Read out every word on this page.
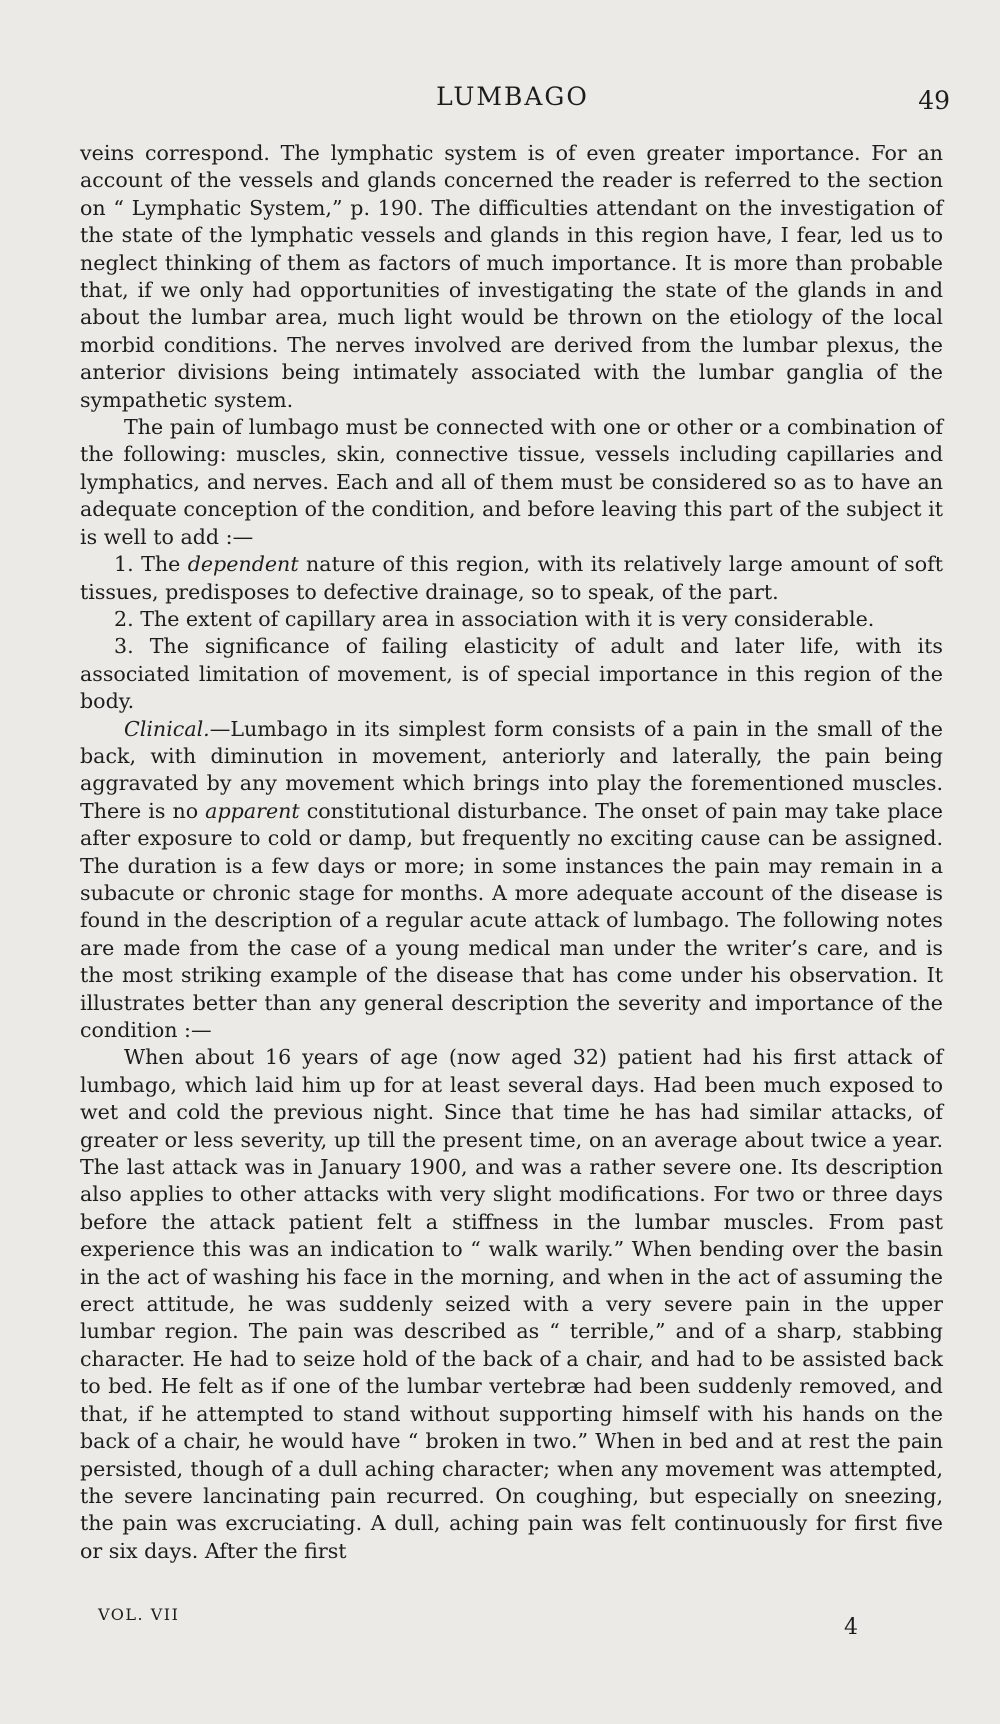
LUMBAGO	49

veins correspond. The lymphatic system is of even greater importance. For an account of the vessels and glands concerned the reader is referred to the section on “ Lymphatic System,” p. 190. The difficulties attendant on the investigation of the state of the lymphatic vessels and glands in this region have, I fear, led us to neglect thinking of them as factors of much importance. It is more than probable that, if we only had opportunities of investigating the state of the glands in and about the lumbar area, much light would be thrown on the etiology of the local morbid conditions. The nerves involved are derived from the lumbar plexus, the anterior divisions being intimately associated with the lumbar ganglia of the sympathetic system.

The pain of lumbago must be connected with one or other or a combination of the following: muscles, skin, connective tissue, vessels including capillaries and lymphatics, and nerves. Each and all of them must be considered so as to have an adequate conception of the condition, and before leaving this part of the subject it is well to add :—

1. The dependent nature of this region, with its relatively large amount of soft tissues, predisposes to defective drainage, so to speak, of the part.

2. The extent of capillary area in association with it is very considerable.

3. The significance of failing elasticity of adult and later life, with its associated limitation of movement, is of special importance in this region of the body.

Clinical.—Lumbago in its simplest form consists of a pain in the small of the back, with diminution in movement, anteriorly and laterally, the pain being aggravated by any movement which brings into play the forementioned muscles. There is no apparent constitutional disturbance. The onset of pain may take place after exposure to cold or damp, but frequently no exciting cause can be assigned. The duration is a few days or more; in some instances the pain may remain in a subacute or chronic stage for months. A more adequate account of the disease is found in the description of a regular acute attack of lumbago. The following notes are made from the case of a young medical man under the writer’s care, and is the most striking example of the disease that has come under his observation. It illustrates better than any general description the severity and importance of the condition :—

When about 16 years of age (now aged 32) patient had his first attack of lumbago, which laid him up for at least several days. Had been much exposed to wet and cold the previous night. Since that time he has had similar attacks, of greater or less severity, up till the present time, on an average about twice a year. The last attack was in January 1900, and was a rather severe one. Its description also applies to other attacks with very slight modifications. For two or three days before the attack patient felt a stiffness in the lumbar muscles. From past experience this was an indication to “ walk warily.” When bending over the basin in the act of washing his face in the morning, and when in the act of assuming the erect attitude, he was suddenly seized with a very severe pain in the upper lumbar region. The pain was described as “ terrible,” and of a sharp, stabbing character. He had to seize hold of the back of a chair, and had to be assisted back to bed. He felt as if one of the lumbar vertebræ had been suddenly removed, and that, if he attempted to stand without supporting himself with his hands on the back of a chair, he would have “ broken in two.” When in bed and at rest the pain persisted, though of a dull aching character; when any movement was attempted, the severe lancinating pain recurred. On coughing, but especially on sneezing, the pain was excruciating. A dull, aching pain was felt continuously for first five or six days. After the first

VOL. VII
4
